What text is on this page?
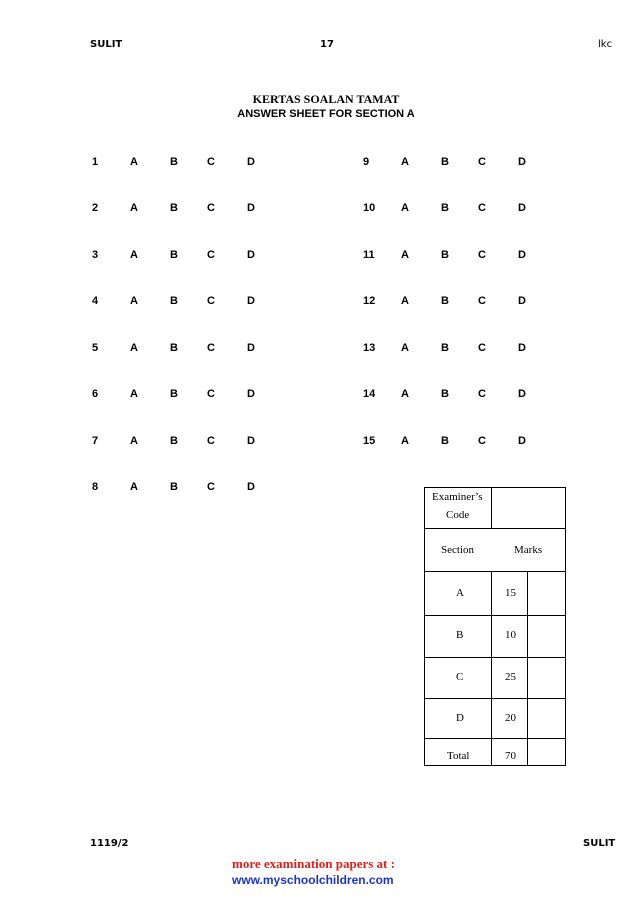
SULIT	17	lkc
KERTAS SOALAN TAMAT
ANSWER SHEET FOR SECTION A
1	A	B	C	D
2	A	B	C	D
3	A	B	C	D
4	A	B	C	D
5	A	B	C	D
6	A	B	C	D
7	A	B	C	D
8	A	B	C	D
9	A	B	C	D
10 A	B	C	D
11 A	B	C	D
12 A	B	C	D
13 A	B	C	D
14 A	B	C	D
15 A	B	C	D
Examiner’s
Code
Section	Marks
A	15
B	10
C	25
D	20
Total	70
1119/2	SULIT
more examination papers at :
www.myschoolchildren.com
